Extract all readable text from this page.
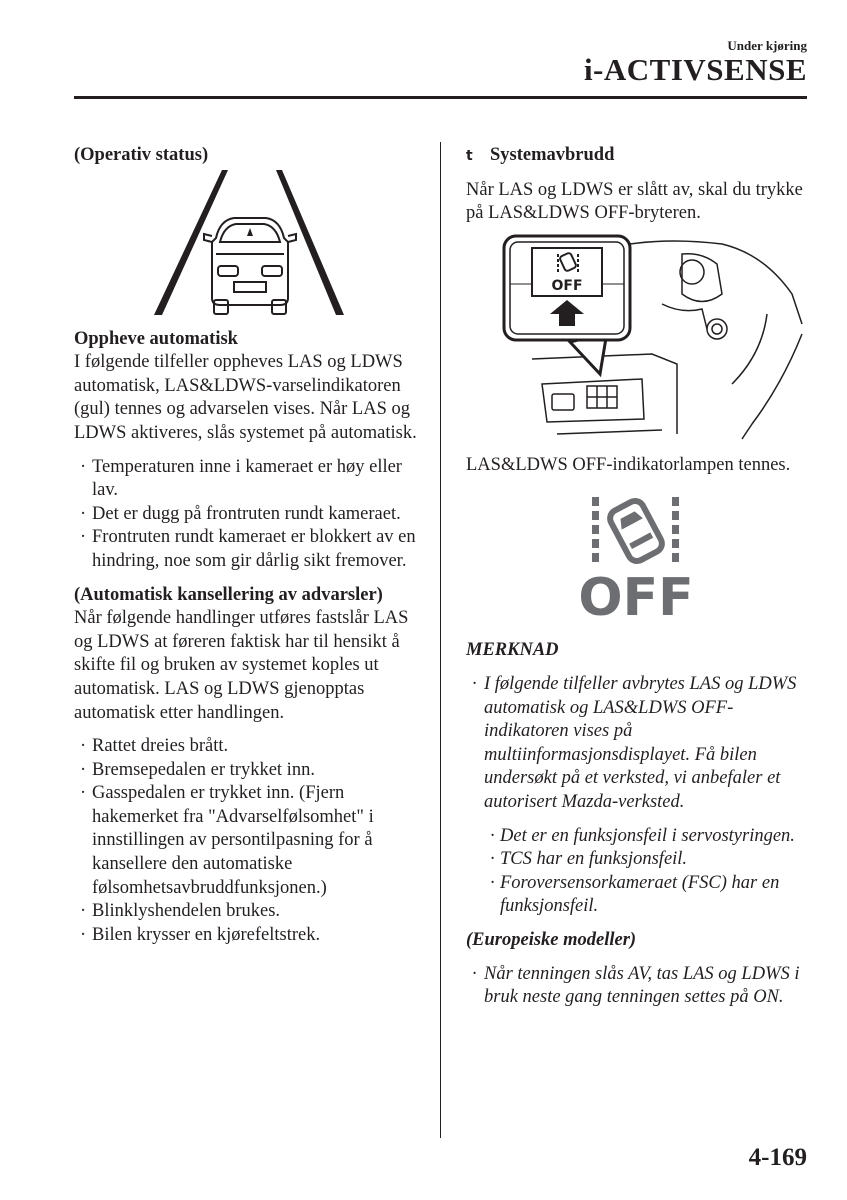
Under kjøring
i-ACTIVSENSE

(Operativ status)

Oppheve automatisk

I følgende tilfeller oppheves LAS og LDWS automatisk, LAS&LDWS-varselindikatoren (gul) tennes og advarselen vises. Når LAS og LDWS aktiveres, slås systemet på automatisk.

· Temperaturen inne i kameraet er høy eller lav.
· Det er dugg på frontruten rundt kameraet.
· Frontruten rundt kameraet er blokkert av en hindring, noe som gir dårlig sikt fremover.

(Automatisk kansellering av advarsler)

Når følgende handlinger utføres fastslår LAS og LDWS at føreren faktisk har til hensikt å skifte fil og bruken av systemet koples ut automatisk. LAS og LDWS gjenopptas automatisk etter handlingen.

· Rattet dreies brått.
· Bremsepedalen er trykket inn.
· Gasspedalen er trykket inn. (Fjern hakemerket fra "Advarselfølsomhet" i innstillingen av persontilpasning for å kansellere den automatiske følsomhetsavbruddfunksjonen.)
· Blinklyshendelen brukes.
· Bilen krysser en kjørefeltstrek.
t Systemavbrudd

Når LAS og LDWS er slått av, skal du trykke på LAS&LDWS OFF-bryteren.

OFF

LAS&LDWS OFF-indikatorlampen tennes.

OFF

MERKNAD

· I følgende tilfeller avbrytes LAS og LDWS automatisk og LAS&LDWS OFF-indikatoren vises på multiinformasjonsdisplayet. Få bilen undersøkt på et verksted, vi anbefaler et autorisert Mazda-verksted.
· Det er en funksjonsfeil i servostyringen.
· TCS har en funksjonsfeil.
· Foroversensorkameraet (FSC) har en funksjonsfeil.

(Europeiske modeller)

· Når tenningen slås AV, tas LAS og LDWS i bruk neste gang tenningen settes på ON.
4-169
